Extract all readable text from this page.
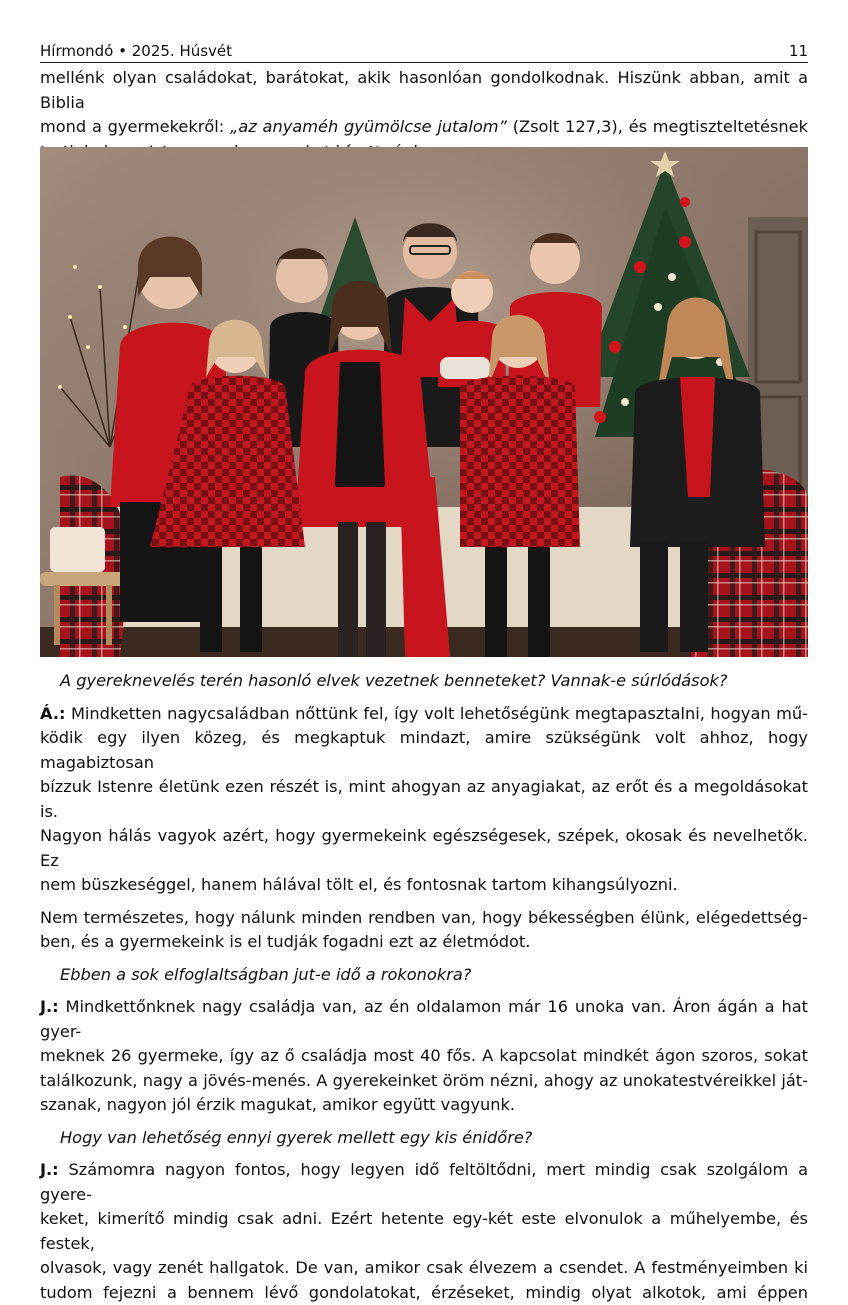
Hírmondó • 2025. Húsvét	11
mellénk olyan családokat, barátokat, akik hasonlóan gondolkodnak. Hiszünk abban, amit a Biblia
mond a gyermekekről: „az anyaméh gyümölcse jutalom” (Zsolt 127,3), és megtiszteltetésnek

A gyereknevelés terén hasonló elvek vezetnek benneteket? Vannak-e súrlódások?

Á.: Mindketten nagycsaládban nőttünk fel, így volt lehetőségünk megtapasztalni, hogyan mű-
ködik egy ilyen közeg, és megkaptuk mindazt, amire szükségünk volt ahhoz, hogy magabiztosan
bízzuk Istenre életünk ezen részét is, mint ahogyan az anyagiakat, az erőt és a megoldásokat is.
Nagyon hálás vagyok azért, hogy gyermekeink egészségesek, szépek, okosak és nevelhetők. Ez
nem büszkeséggel, hanem hálával tölt el, és fontosnak tartom kihangsúlyozni.
Nem természetes, hogy nálunk minden rendben van, hogy békességben élünk, elégedettség-
ben, és a gyermekeink is el tudják fogadni ezt az életmódot.

Ebben a sok elfoglaltságban jut-e idő a rokonokra?

J.: Mindkettőnknek nagy családja van, az én oldalamon már 16 unoka van. Áron ágán a hat gyer-
meknek 26 gyermeke, így az ő családja most 40 fős. A kapcsolat mindkét ágon szoros, sokat
találkozunk, nagy a jövés-menés. A gyerekeinket öröm nézni, ahogy az unokatestvéreikkel ját-
szanak, nagyon jól érzik magukat, amikor együtt vagyunk.

Hogy van lehetőség ennyi gyerek mellett egy kis énidőre?

J.: Számomra nagyon fontos, hogy legyen idő feltöltődni, mert mindig csak szolgálom a gyere-
keket, kimerítő mindig csak adni. Ezért hetente egy-két este elvonulok a műhelyembe, és festek,
olvasok, vagy zenét hallgatok. De van, amikor csak élvezem a csendet. A festményeimben ki
tudom fejezni a bennem lévő gondolatokat, érzéseket, mindig olyat alkotok, ami éppen
